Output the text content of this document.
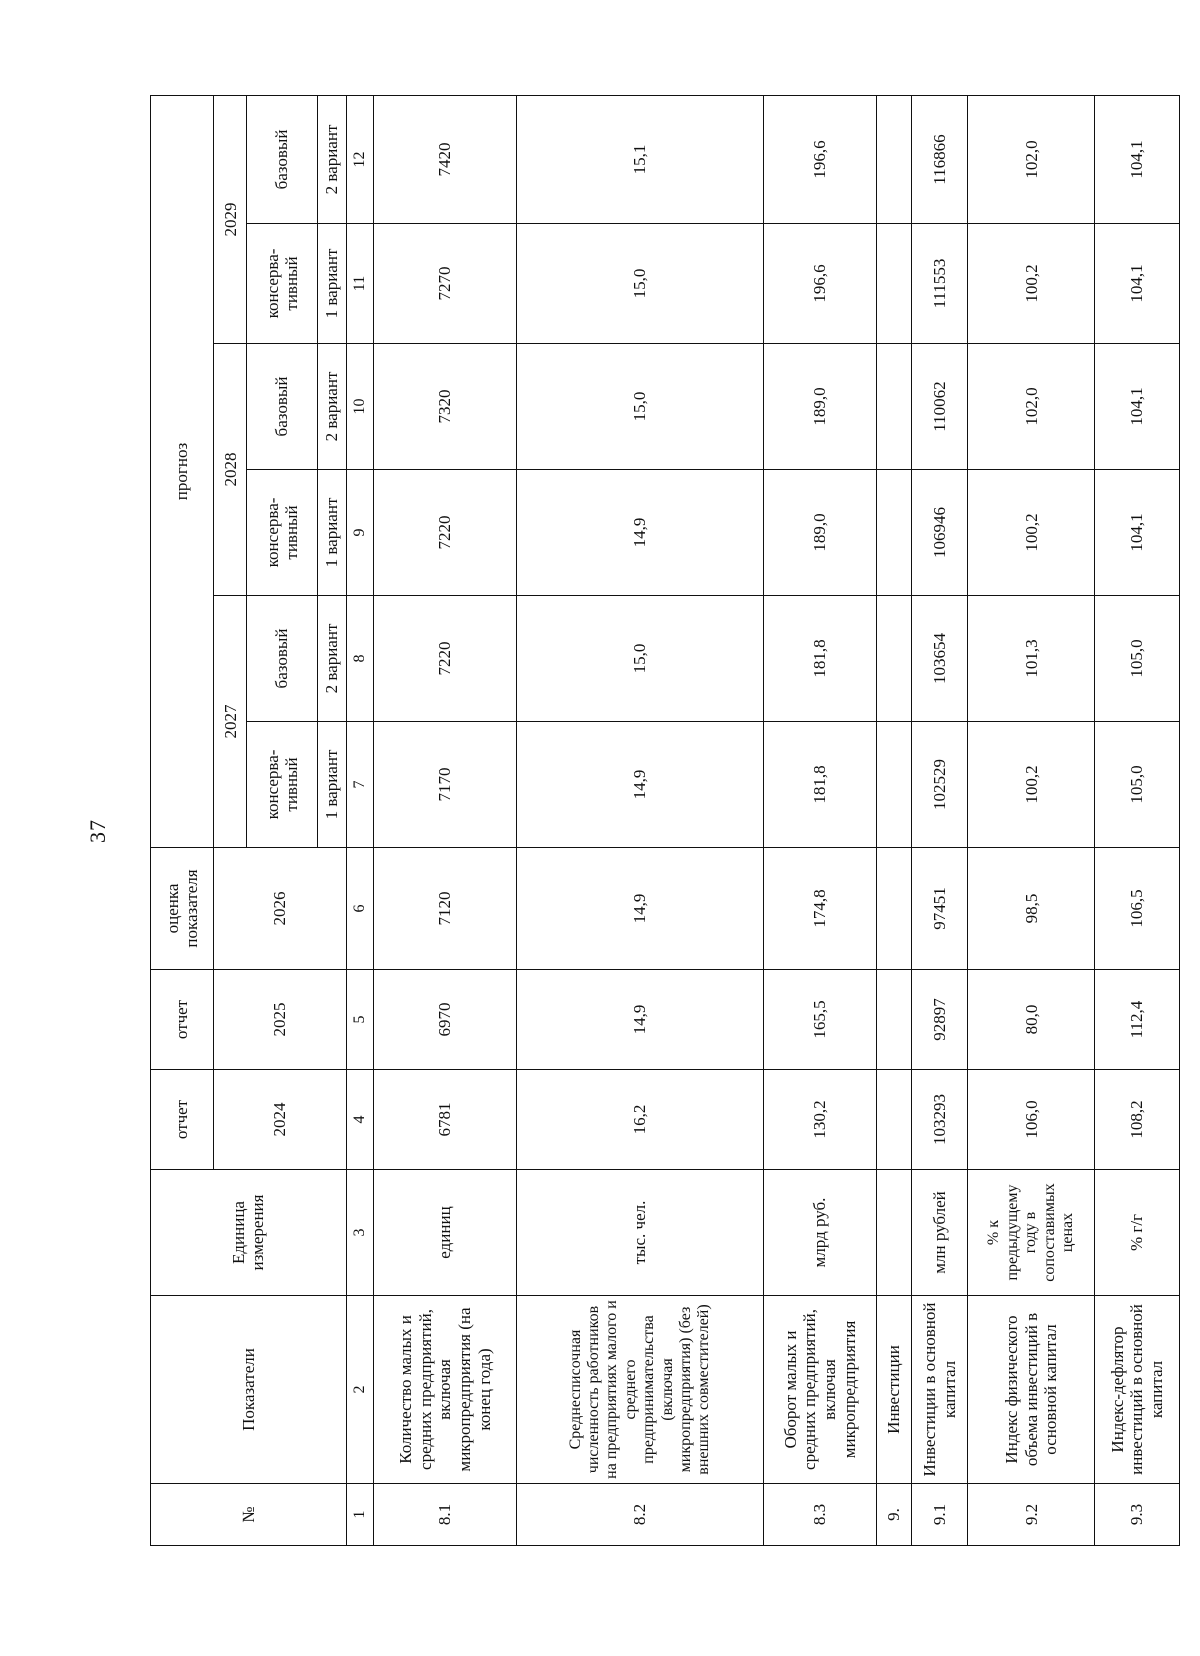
37
№	Показатели	Единица измерения	отчет	отчет	оценка показателя	прогноз					
			2024	2025	2026	2027		2028		2029	
						консерва-тивный	базовый	консерва-тивный	базовый	консерва-тивный	базовый
						1 вариант	2 вариант	1 вариант	2 вариант	1 вариант	2 вариант
1	2	3	4	5	6	7	8	9	10	11	12
8.1	Количество малых и средних предприятий, включая микропредприятия (на конец года)	единиц	6781	6970	7120	7170	7220	7220	7320	7270	7420
8.2	Среднесписочная численность работников на предприятиях малого и среднего предпринимательства (включая микропредприятия) (без внешних совместителей)	тыс. чел.	16,2	14,9	14,9	14,9	15,0	14,9	15,0	15,0	15,1
8.3	Оборот малых и средних предприятий, включая микропредприятия	млрд руб.	130,2	165,5	174,8	181,8	181,8	189,0	189,0	196,6	196,6
9.	Инвестиции										
9.1	Инвестиции в основной капитал	млн рублей	103293	92897	97451	102529	103654	106946	110062	111553	116866
9.2	Индекс физического объема инвестиций в основной капитал	% к предыдущему году в сопоставимых ценах	106,0	80,0	98,5	100,2	101,3	100,2	102,0	100,2	102,0
9.3	Индекс-дефлятор инвестиций в основной капитал	% г/г	108,2	112,4	106,5	105,0	105,0	104,1	104,1	104,1	104,1
